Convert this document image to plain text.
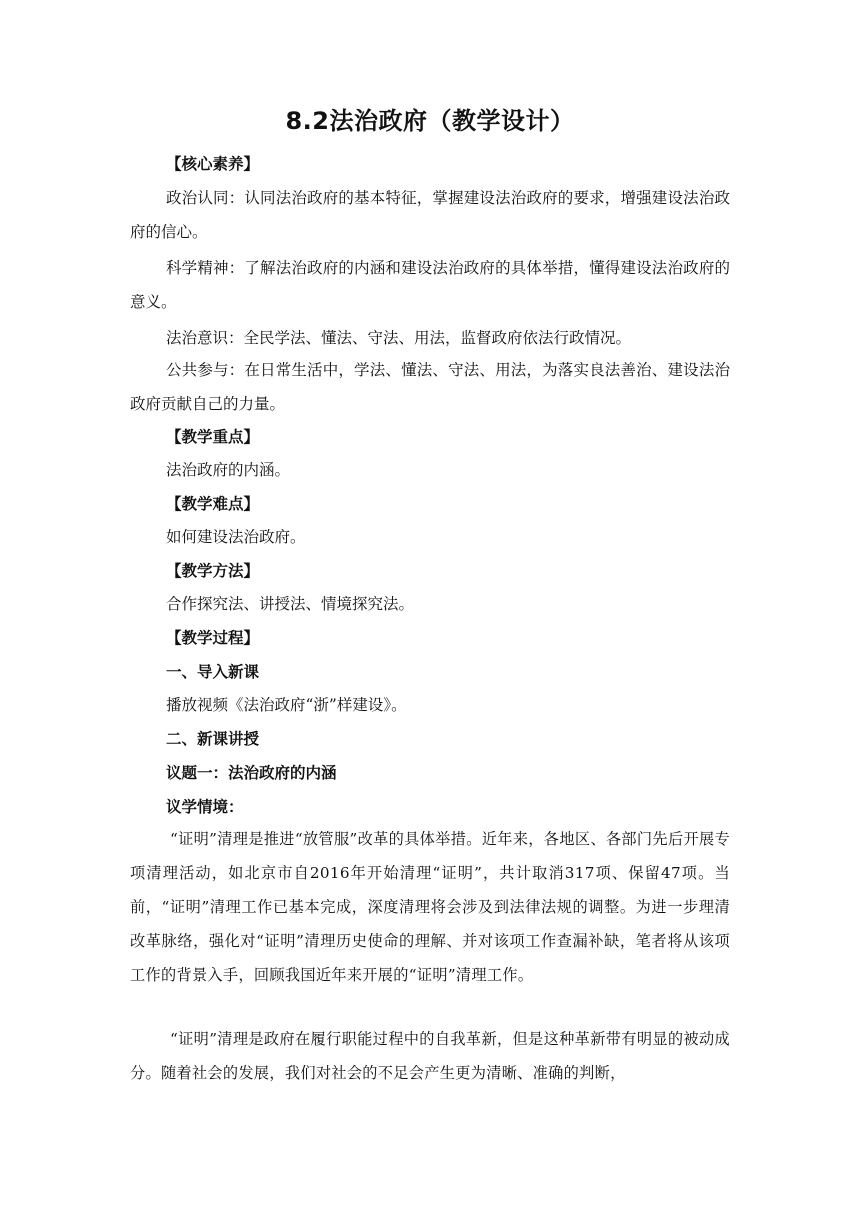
8.2法治政府（教学设计）
【核心素养】
政治认同：认同法治政府的基本特征，掌握建设法治政府的要求，增强建设法治政府的信心。
科学精神：了解法治政府的内涵和建设法治政府的具体举措，懂得建设法治政府的意义。
法治意识：全民学法、懂法、守法、用法，监督政府依法行政情况。
公共参与：在日常生活中，学法、懂法、守法、用法，为落实良法善治、建设法治政府贡献自己的力量。
【教学重点】
法治政府的内涵。
【教学难点】
如何建设法治政府。
【教学方法】
合作探究法、讲授法、情境探究法。
【教学过程】
一、导入新课
播放视频《法治政府“浙”样建设》。
二、新课讲授
议题一：法治政府的内涵
议学情境：
“证明”清理是推进“放管服”改革的具体举措。近年来，各地区、各部门先后开展专项清理活动，如北京市自2016年开始清理“证明”，共计取消317项、保留47项。当前，“证明”清理工作已基本完成，深度清理将会涉及到法律法规的调整。为进一步理清改革脉络，强化对“证明”清理历史使命的理解、并对该项工作查漏补缺，笔者将从该项工作的背景入手，回顾我国近年来开展的“证明”清理工作。
“证明”清理是政府在履行职能过程中的自我革新，但是这种革新带有明显的被动成分。随着社会的发展，我们对社会的不足会产生更为清晰、准确的判断，
